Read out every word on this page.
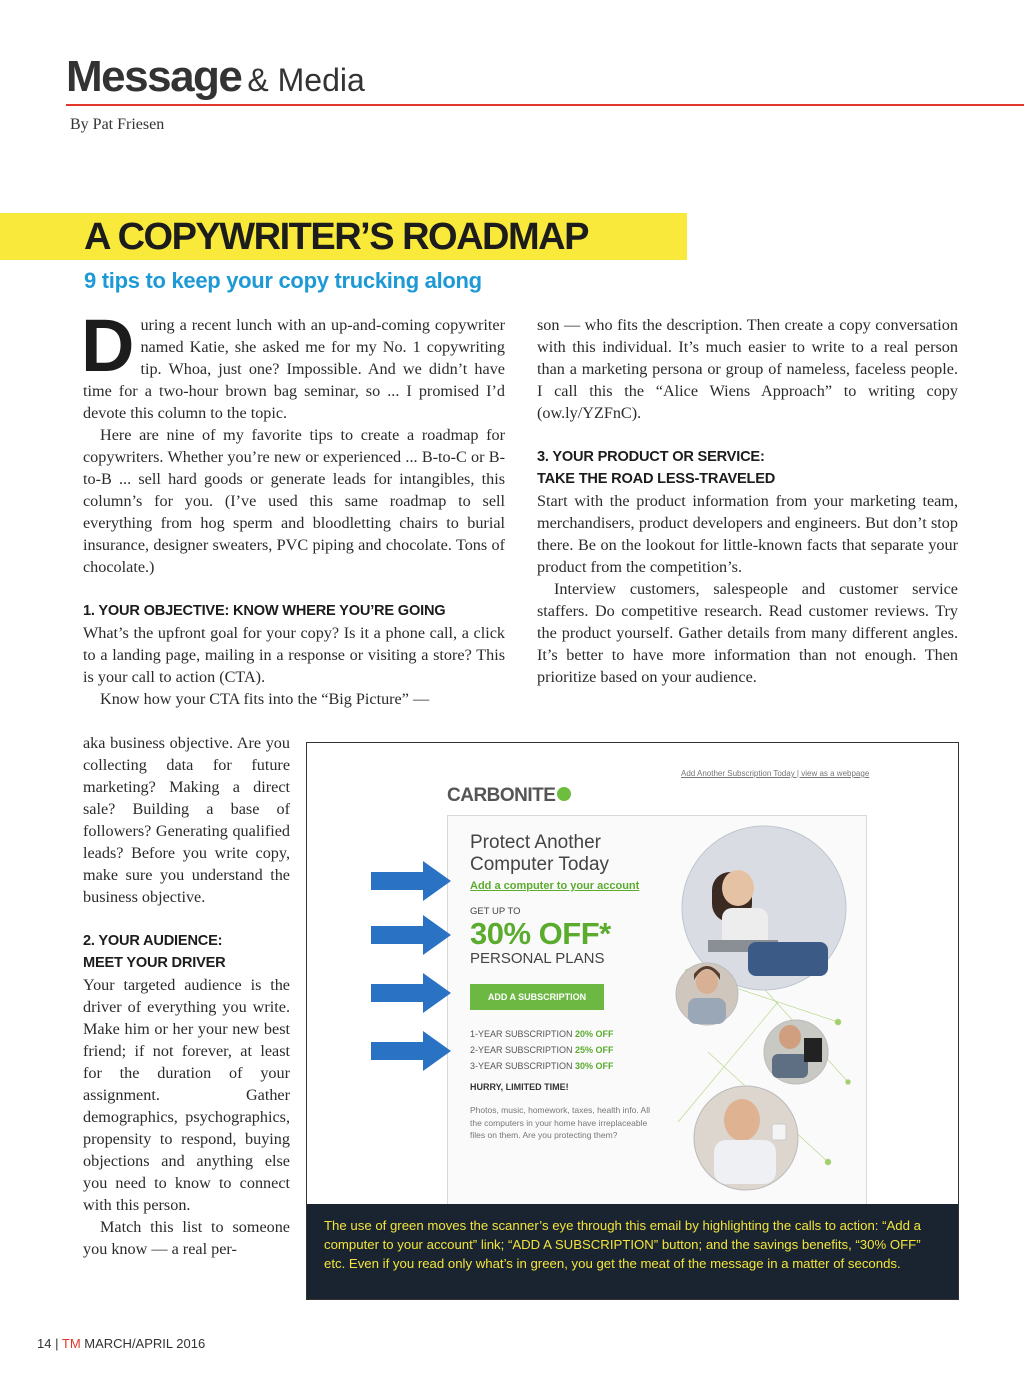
Message & Media
By Pat Friesen
A COPYWRITER’S ROADMAP
9 tips to keep your copy trucking along

During a recent lunch with an up-and-coming copywriter named Katie, she asked me for my No. 1 copywriting tip. Whoa, just one? Impossible. And we didn’t have time for a two-hour brown bag seminar, so ... I promised I’d devote this column to the topic.

Here are nine of my favorite tips to create a roadmap for copywriters. Whether you’re new or experienced ... B-to-C or B-to-B ... sell hard goods or generate leads for intangibles, this column’s for you. (I’ve used this same roadmap to sell everything from hog sperm and bloodletting chairs to burial insurance, designer sweaters, PVC piping and chocolate. Tons of chocolate.)

1. YOUR OBJECTIVE: KNOW WHERE YOU’RE GOING

What’s the upfront goal for your copy? Is it a phone call, a click to a landing page, mailing in a response or visiting a store? This is your call to action (CTA).

Know how your CTA fits into the “Big Picture” —

aka business objective. Are you collecting data for future marketing? Making a direct sale? Building a base of followers? Generating qualified leads? Before you write copy, make sure you understand the business objective.

2. YOUR AUDIENCE:
MEET YOUR DRIVER

Your targeted audience is the driver of everything you write. Make him or her your new best friend; if not forever, at least for the duration of your assignment. Gather demographics, psychographics, propensity to respond, buying objections and anything else you need to know to connect with this person.

Match this list to someone you know — a real per-

son — who fits the description. Then create a copy conversation with this individual. It’s much easier to write to a real person than a marketing persona or group of nameless, faceless people. I call this the “Alice Wiens Approach” to writing copy (ow.ly/YZFnC).

3. YOUR PRODUCT OR SERVICE:
TAKE THE ROAD LESS-TRAVELED

Start with the product information from your marketing team, merchandisers, product developers and engineers. But don’t stop there. Be on the lookout for little-known facts that separate your product from the competition’s.

Interview customers, salespeople and customer service staffers. Do competitive research. Read customer reviews. Try the product yourself. Gather details from many different angles. It’s better to have more information than not enough. Then prioritize based on your audience.

Add Another Subscription Today | view as a webpage
CARBONITE
Protect Another Computer Today
Add a computer to your account
GET UP TO
30% OFF*
PERSONAL PLANS
ADD A SUBSCRIPTION
1-YEAR SUBSCRIPTION 20% OFF
2-YEAR SUBSCRIPTION 25% OFF
3-YEAR SUBSCRIPTION 30% OFF
HURRY, LIMITED TIME!
Photos, music, homework, taxes, health info. All the computers in your home have irreplaceable files on them. Are you protecting them?
The use of green moves the scanner’s eye through this email by highlighting the calls to action: “Add a computer to your account” link; “ADD A SUBSCRIPTION” button; and the savings benefits, “30% OFF” etc. Even if you read only what’s in green, you get the meat of the message in a matter of seconds.
14 | TM MARCH/APRIL 2016
